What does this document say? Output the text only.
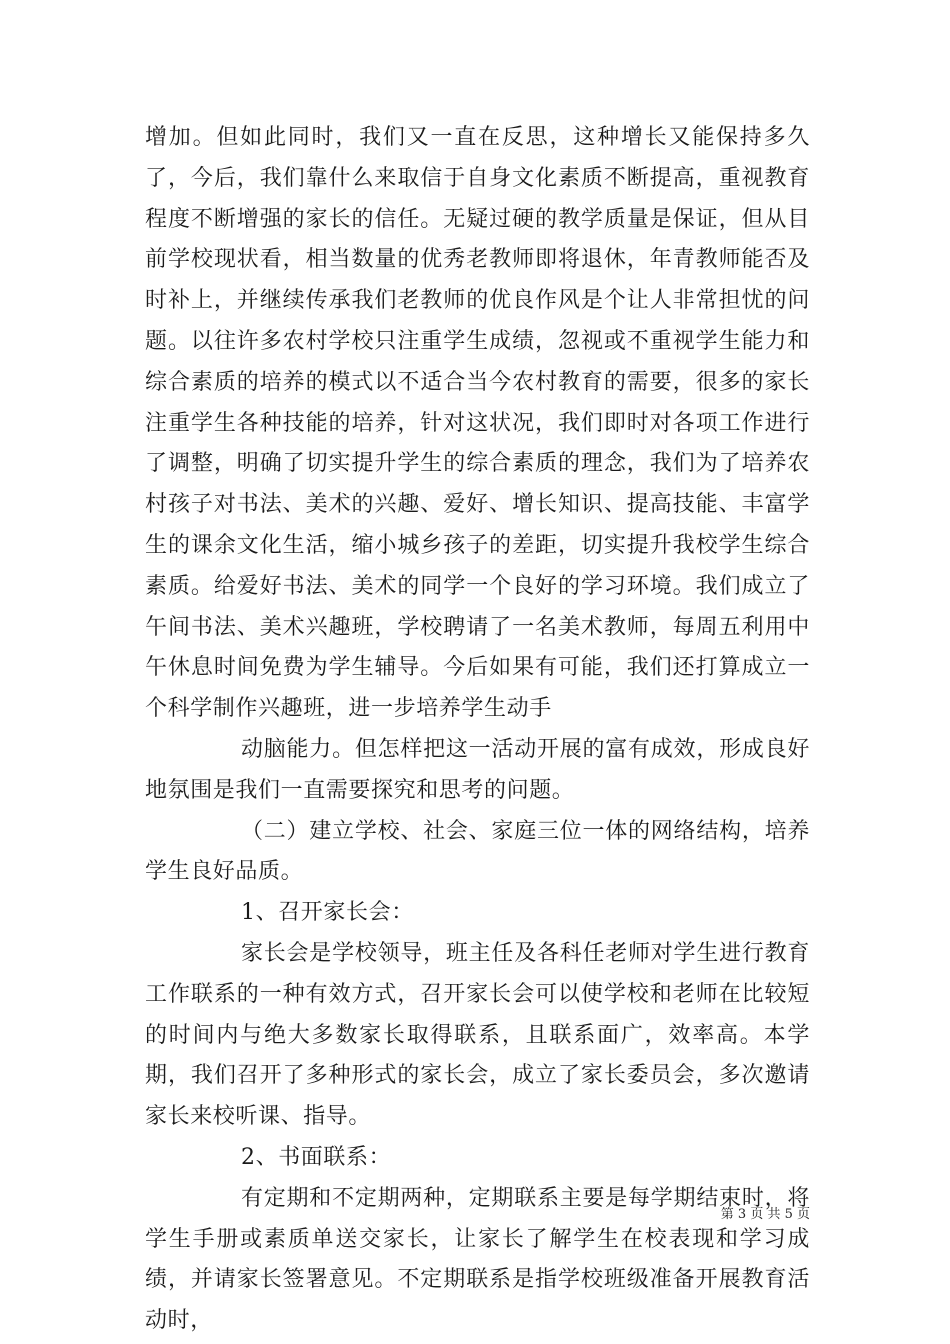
增加。但如此同时，我们又一直在反思，这种增长又能保持多久了，今后，我们靠什么来取信于自身文化素质不断提高，重视教育程度不断增强的家长的信任。无疑过硬的教学质量是保证，但从目前学校现状看，相当数量的优秀老教师即将退休，年青教师能否及时补上，并继续传承我们老教师的优良作风是个让人非常担忧的问题。以往许多农村学校只注重学生成绩，忽视或不重视学生能力和综合素质的培养的模式以不适合当今农村教育的需要，很多的家长注重学生各种技能的培养，针对这状况，我们即时对各项工作进行了调整，明确了切实提升学生的综合素质的理念，我们为了培养农村孩子对书法、美术的兴趣、爱好、增长知识、提高技能、丰富学生的课余文化生活，缩小城乡孩子的差距，切实提升我校学生综合素质。给爱好书法、美术的同学一个良好的学习环境。我们成立了午间书法、美术兴趣班，学校聘请了一名美术教师，每周五利用中午休息时间免费为学生辅导。今后如果有可能，我们还打算成立一个科学制作兴趣班，进一步培养学生动手

动脑能力。但怎样把这一活动开展的富有成效，形成良好地氛围是我们一直需要探究和思考的问题。

（二）建立学校、社会、家庭三位一体的网络结构，培养学生良好品质。

1、召开家长会：

家长会是学校领导，班主任及各科任老师对学生进行教育工作联系的一种有效方式，召开家长会可以使学校和老师在比较短的时间内与绝大多数家长取得联系，且联系面广，效率高。本学期，我们召开了多种形式的家长会，成立了家长委员会，多次邀请家长来校听课、指导。

2、书面联系：

有定期和不定期两种，定期联系主要是每学期结束时，将学生手册或素质单送交家长，让家长了解学生在校表现和学习成绩，并请家长签署意见。不定期联系是指学校班级准备开展教育活动时，

第 3 页 共 5 页
